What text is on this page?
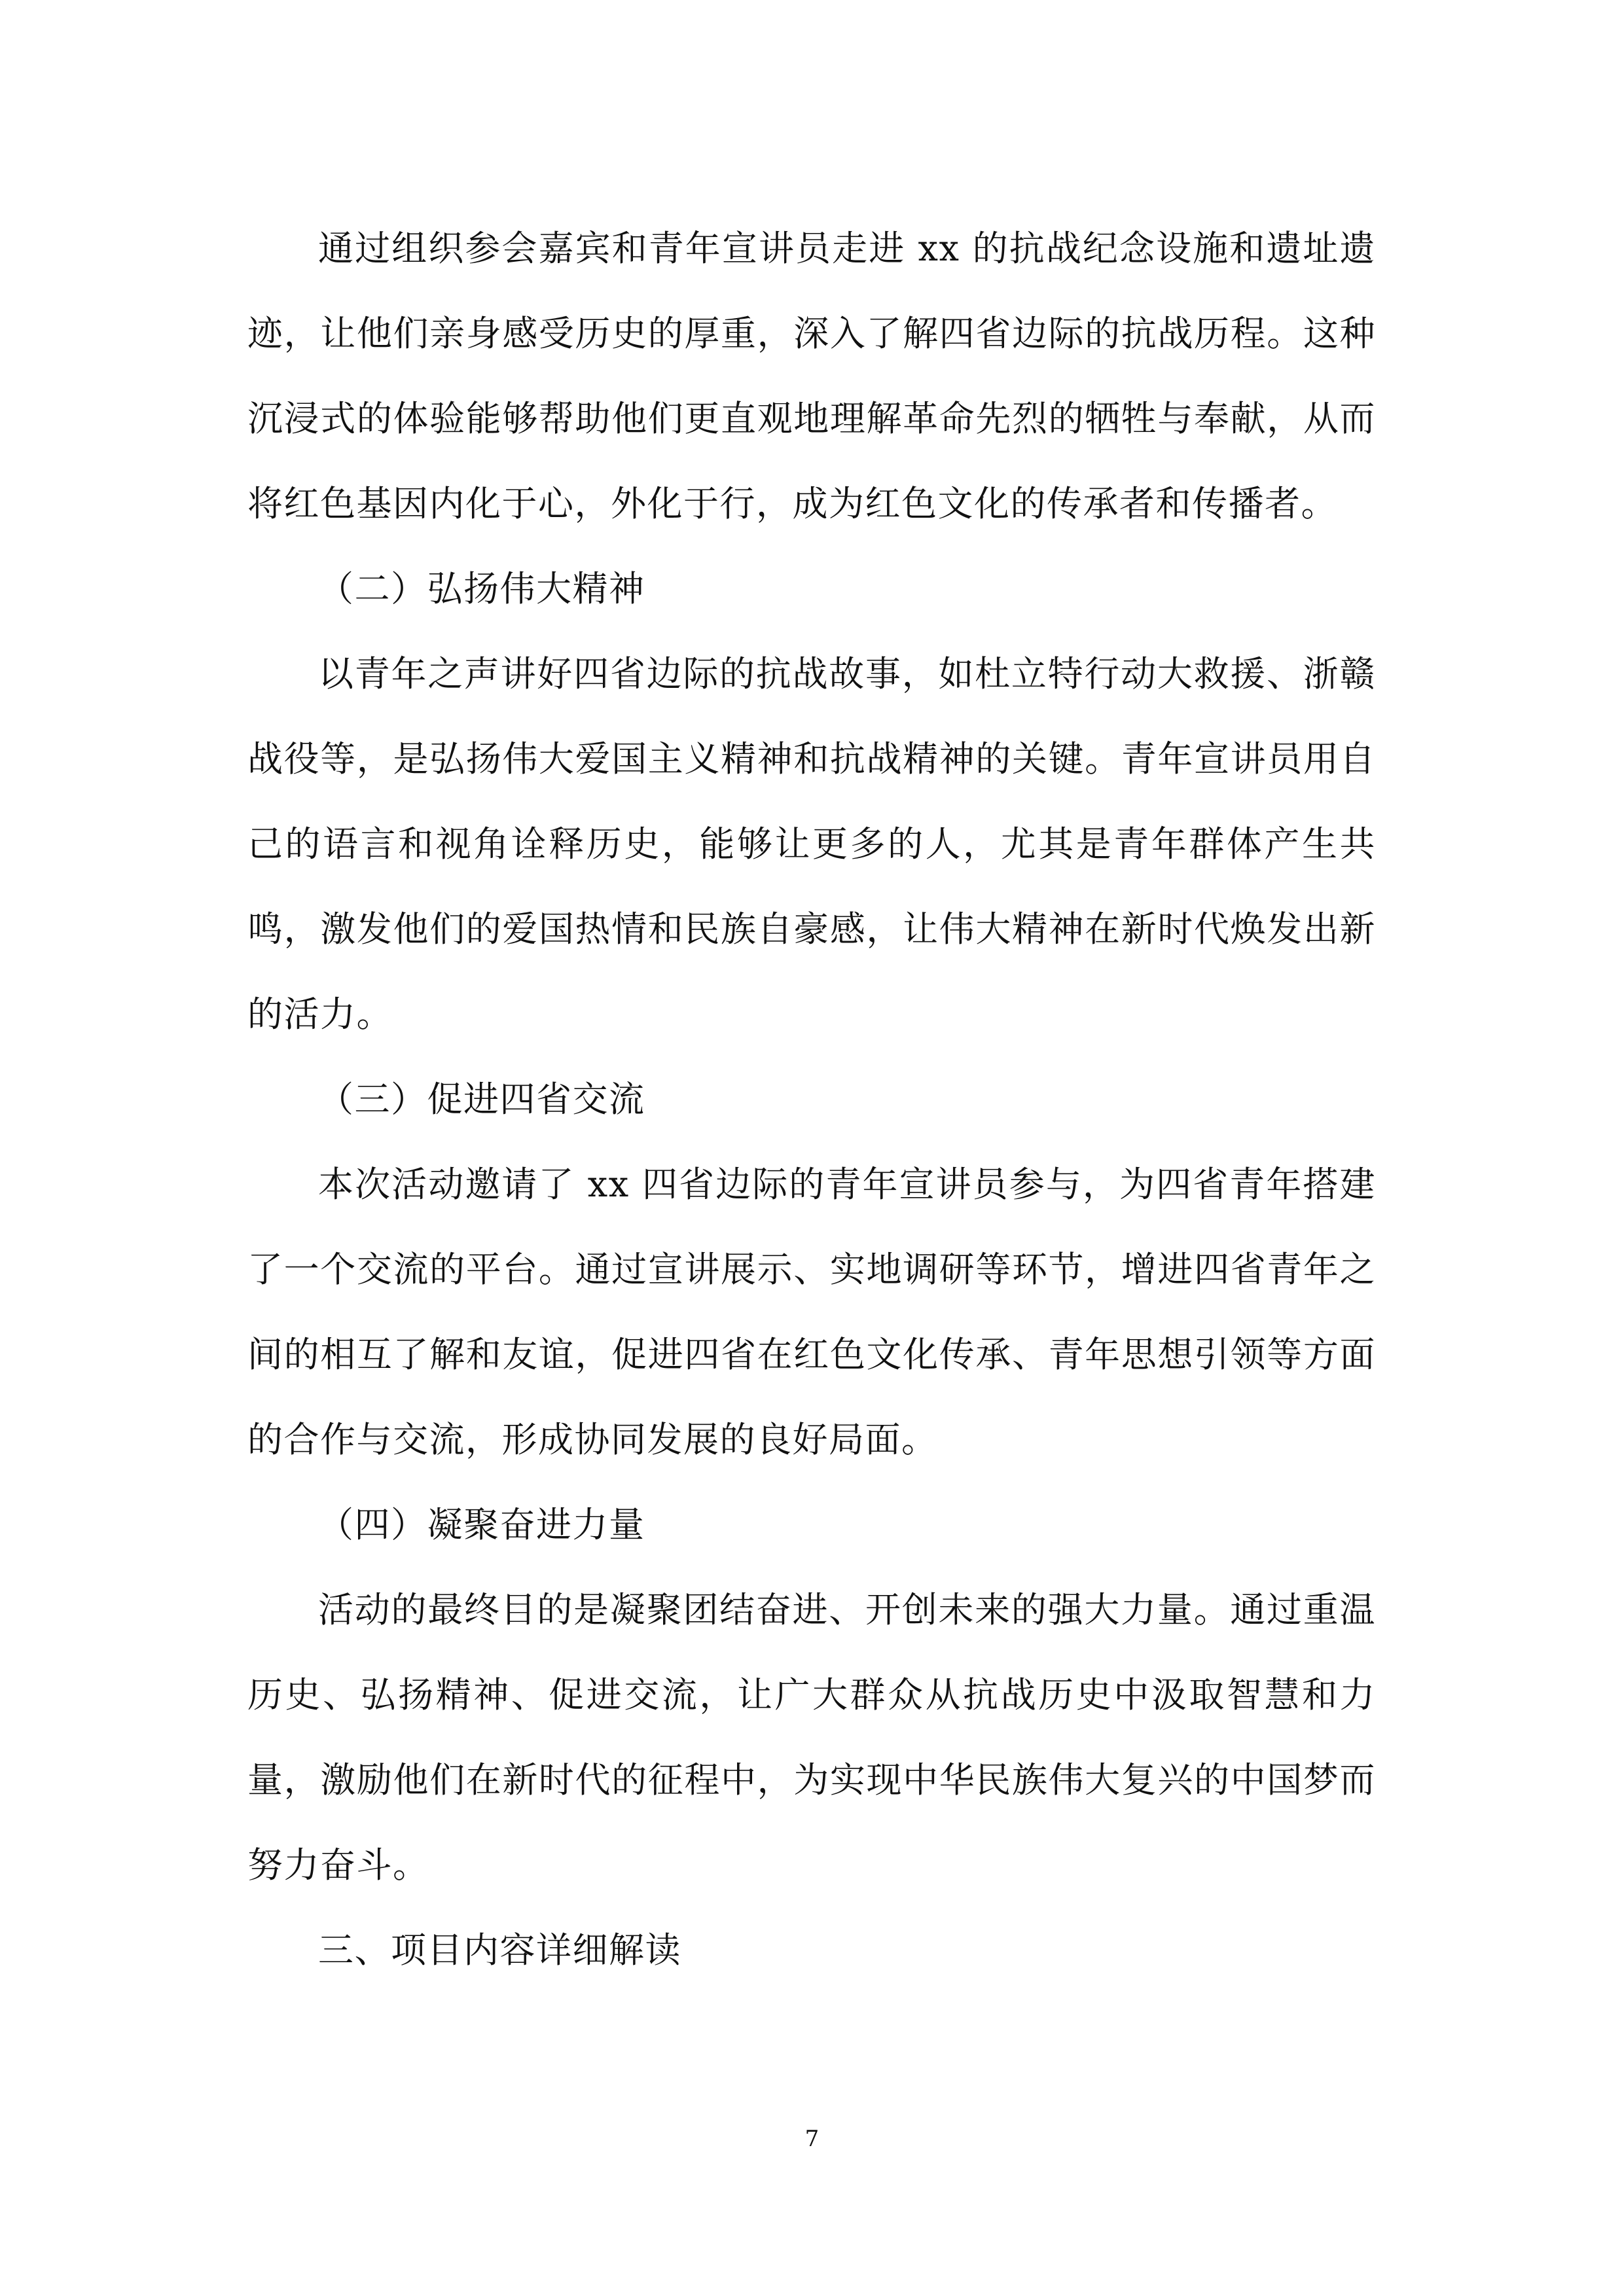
通过组织参会嘉宾和青年宣讲员走进 xx 的抗战纪念设施和遗址遗迹，让他们亲身感受历史的厚重，深入了解四省边际的抗战历程。这种沉浸式的体验能够帮助他们更直观地理解革命先烈的牺牲与奉献，从而将红色基因内化于心，外化于行，成为红色文化的传承者和传播者。

（二）弘扬伟大精神

以青年之声讲好四省边际的抗战故事，如杜立特行动大救援、浙赣战役等，是弘扬伟大爱国主义精神和抗战精神的关键。青年宣讲员用自己的语言和视角诠释历史，能够让更多的人，尤其是青年群体产生共鸣，激发他们的爱国热情和民族自豪感，让伟大精神在新时代焕发出新的活力。

（三）促进四省交流

本次活动邀请了 xx 四省边际的青年宣讲员参与，为四省青年搭建了一个交流的平台。通过宣讲展示、实地调研等环节，增进四省青年之间的相互了解和友谊，促进四省在红色文化传承、青年思想引领等方面的合作与交流，形成协同发展的良好局面。

（四）凝聚奋进力量

活动的最终目的是凝聚团结奋进、开创未来的强大力量。通过重温历史、弘扬精神、促进交流，让广大群众从抗战历史中汲取智慧和力量，激励他们在新时代的征程中，为实现中华民族伟大复兴的中国梦而努力奋斗。

三、项目内容详细解读

7
